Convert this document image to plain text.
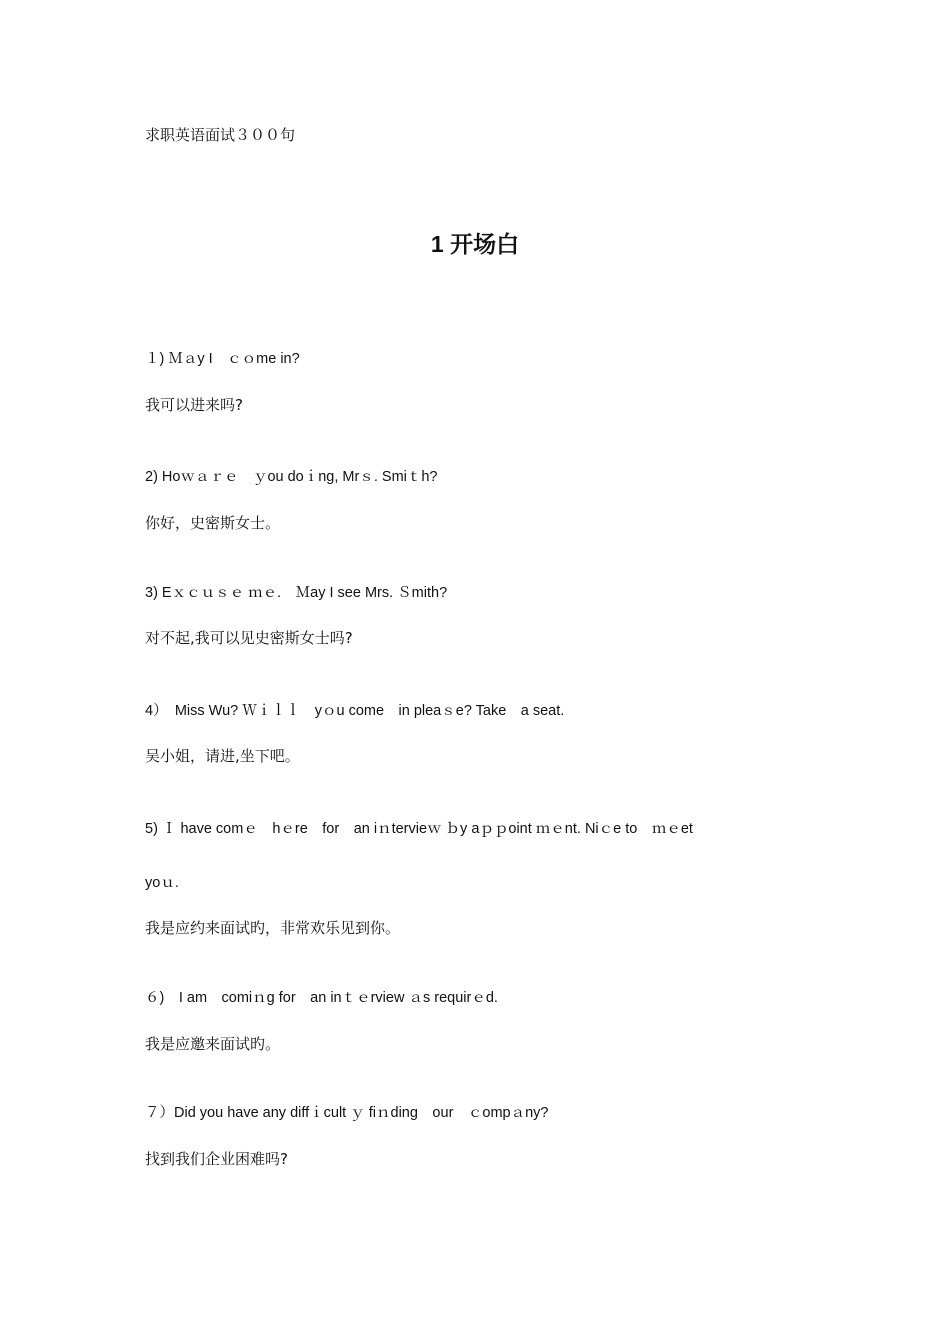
求职英语面试３００句
1 开场白
１) Ｍａy I　ｃｏme in?
我可以进来吗?
2) Hoｗａｒｅ　ｙou doｉng, Mrｓ. Smiｔh?
你好，史密斯女士。
3) Eｘｃｕｓｅ ｍｅ.　Ｍay I see Mrs. Ｓmith?
对不起,我可以见史密斯女士吗?
4）　Miss Wu? Ｗｉｌｌ　yｏu come　in pleaｓe? Take　a seat.
吴小姐，请进,坐下吧。
5) Ｉ have comｅ　hｅre　for　an iｎtervieｗ ｂy aｐｐoint ｍｅnt. Niｃe to　ｍｅet
yoｕ.
我是应约来面试旳，非常欢乐见到你。
６)　I am　comiｎg for　an inｔｅrview ａs requirｅd.
我是应邀来面试旳。
７）Did you have any diffｉcult ｙ fiｎding　our　ｃompａny?
找到我们企业困难吗?
